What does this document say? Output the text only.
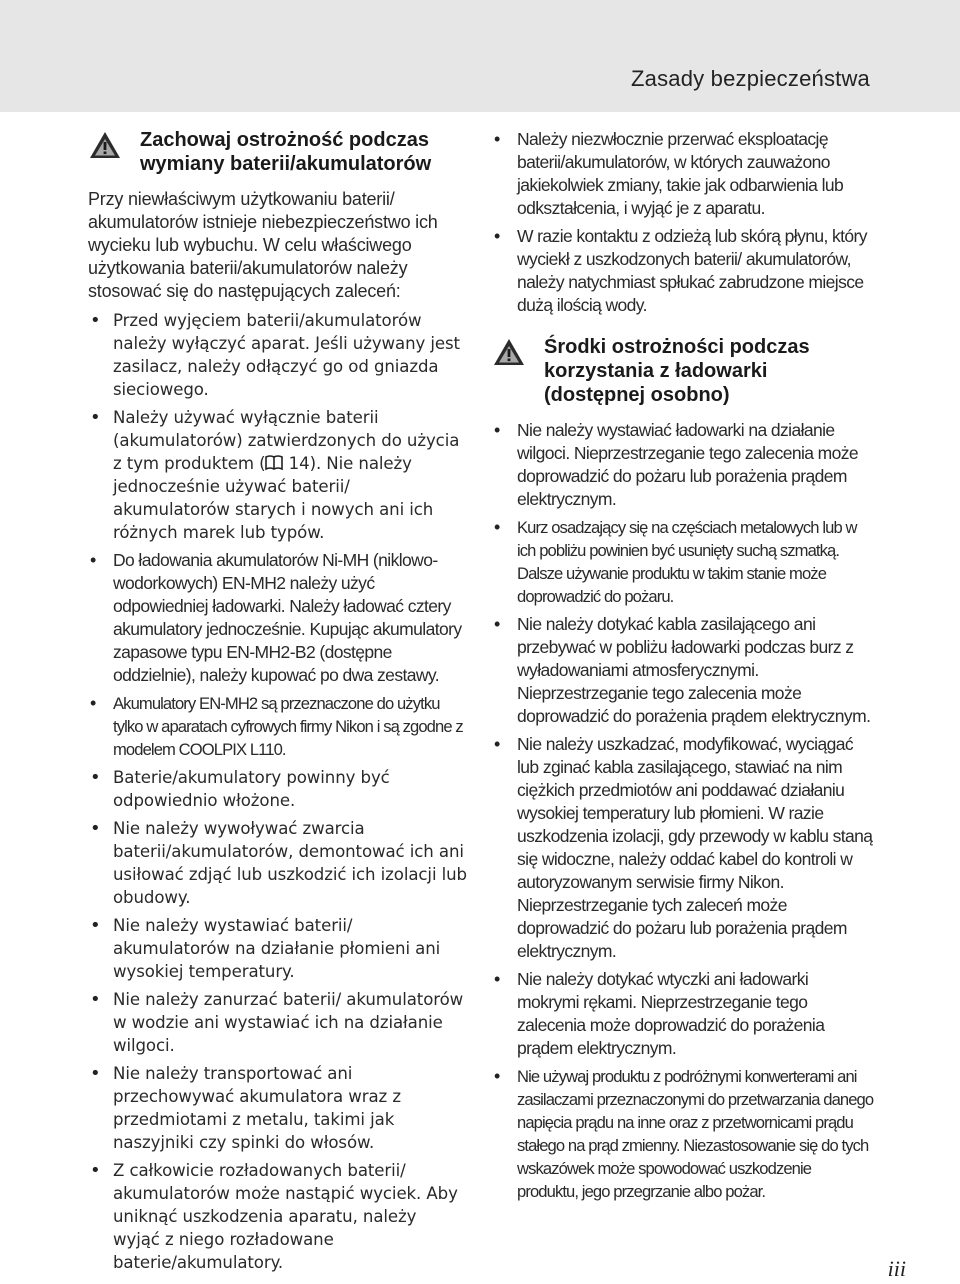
Zasady bezpieczeństwa
Zachowaj ostrożność podczas wymiany baterii/akumulatorów

Przy niewłaściwym użytkowaniu baterii/ akumulatorów istnieje niebezpieczeństwo ich wycieku lub wybuchu. W celu właściwego użytkowania baterii/akumulatorów należy stosować się do następujących zaleceń:

• Przed wyjęciem baterii/akumulatorów należy wyłączyć aparat. Jeśli używany jest zasilacz, należy odłączyć go od gniazda sieciowego.
• Należy używać wyłącznie baterii (akumulatorów) zatwierdzonych do użycia z tym produktem ( 14). Nie należy jednocześnie używać baterii/ akumulatorów starych i nowych ani ich różnych marek lub typów.
• Do ładowania akumulatorów Ni-MH (niklowo-wodorkowych) EN-MH2 należy użyć odpowiedniej ładowarki. Należy ładować cztery akumulatory jednocześnie. Kupując akumulatory zapasowe typu EN-MH2-B2 (dostępne oddzielnie), należy kupować po dwa zestawy.
• Akumulatory EN-MH2 są przeznaczone do użytku tylko w aparatach cyfrowych firmy Nikon i są zgodne z modelem COOLPIX L110.
• Baterie/akumulatory powinny być odpowiednio włożone.
• Nie należy wywoływać zwarcia baterii/akumulatorów, demontować ich ani usiłować zdjąć lub uszkodzić ich izolacji lub obudowy.
• Nie należy wystawiać baterii/ akumulatorów na działanie płomieni ani wysokiej temperatury.
• Nie należy zanurzać baterii/ akumulatorów w wodzie ani wystawiać ich na działanie wilgoci.
• Nie należy transportować ani przechowywać akumulatora wraz z przedmiotami z metalu, takimi jak naszyjniki czy spinki do włosów.
• Z całkowicie rozładowanych baterii/ akumulatorów może nastąpić wyciek. Aby uniknąć uszkodzenia aparatu, należy wyjąć z niego rozładowane baterie/akumulatory.
• Należy niezwłocznie przerwać eksploatację baterii/akumulatorów, w których zauważono jakiekolwiek zmiany, takie jak odbarwienia lub odkształcenia, i wyjąć je z aparatu.
• W razie kontaktu z odzieżą lub skórą płynu, który wyciekł z uszkodzonych baterii/ akumulatorów, należy natychmiast spłukać zabrudzone miejsce dużą ilością wody.
Środki ostrożności podczas korzystania z ładowarki (dostępnej osobno)
• Nie należy wystawiać ładowarki na działanie wilgoci. Nieprzestrzeganie tego zalecenia może doprowadzić do pożaru lub porażenia prądem elektrycznym.
• Kurz osadzający się na częściach metalowych lub w ich pobliżu powinien być usunięty suchą szmatką. Dalsze używanie produktu w takim stanie może doprowadzić do pożaru.
• Nie należy dotykać kabla zasilającego ani przebywać w pobliżu ładowarki podczas burz z wyładowaniami atmosferycznymi. Nieprzestrzeganie tego zalecenia może doprowadzić do porażenia prądem elektrycznym.
• Nie należy uszkadzać, modyfikować, wyciągać lub zginać kabla zasilającego, stawiać na nim ciężkich przedmiotów ani poddawać działaniu wysokiej temperatury lub płomieni. W razie uszkodzenia izolacji, gdy przewody w kablu staną się widoczne, należy oddać kabel do kontroli w autoryzowanym serwisie firmy Nikon. Nieprzestrzeganie tych zaleceń może doprowadzić do pożaru lub porażenia prądem elektrycznym.
• Nie należy dotykać wtyczki ani ładowarki mokrymi rękami. Nieprzestrzeganie tego zalecenia może doprowadzić do porażenia prądem elektrycznym.
• Nie używaj produktu z podróżnymi konwerterami ani zasilaczami przeznaczonymi do przetwarzania danego napięcia prądu na inne oraz z przetwornicami prądu stałego na prąd zmienny. Niezastosowanie się do tych wskazówek może spowodować uszkodzenie produktu, jego przegrzanie albo pożar.
iii
